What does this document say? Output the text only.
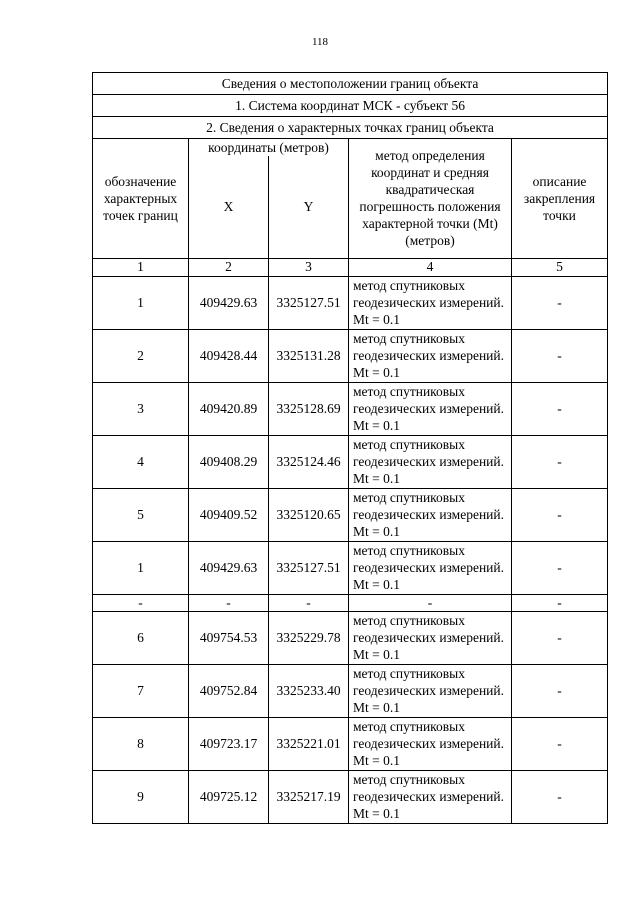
118
Сведения о местоположении границ объекта				
1. Система координат МСК - субъект 56				
2. Сведения о характерных точках границ объекта				
обозначение характерных точек границ	координаты (метров)		метод определения координат и средняя квадратическая погрешность положения характерной точки (Mt) (метров)	описание закрепления точки
	X	Y		
1	2	3	4	5
1	409429.63	3325127.51	метод спутниковых геодезических измерений. Mt = 0.1	-
2	409428.44	3325131.28	метод спутниковых геодезических измерений. Mt = 0.1	-
3	409420.89	3325128.69	метод спутниковых геодезических измерений. Mt = 0.1	-
4	409408.29	3325124.46	метод спутниковых геодезических измерений. Mt = 0.1	-
5	409409.52	3325120.65	метод спутниковых геодезических измерений. Mt = 0.1	-
1	409429.63	3325127.51	метод спутниковых геодезических измерений. Mt = 0.1	-
-	-	-	-	-
6	409754.53	3325229.78	метод спутниковых геодезических измерений. Mt = 0.1	-
7	409752.84	3325233.40	метод спутниковых геодезических измерений. Mt = 0.1	-
8	409723.17	3325221.01	метод спутниковых геодезических измерений. Mt = 0.1	-
9	409725.12	3325217.19	метод спутниковых геодезических измерений. Mt = 0.1	-
